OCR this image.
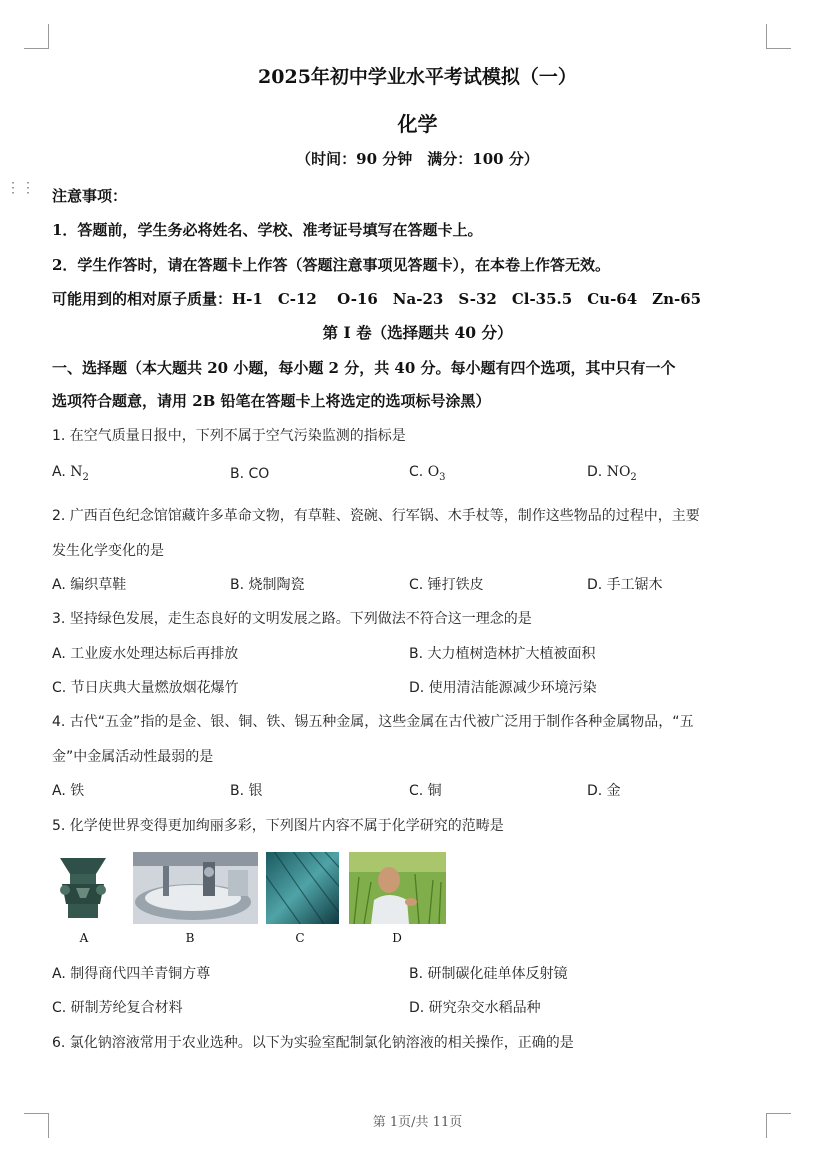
⋮⋮
2025年初中学业水平考试模拟（一）
化学
（时间：90 分钟　满分：100 分）
注意事项：
1．答题前，学生务必将姓名、学校、准考证号填写在答题卡上。
2．学生作答时，请在答题卡上作答（答题注意事项见答题卡），在本卷上作答无效。
可能用到的相对原子质量：H-1　C-12　 O-16　Na-23　S-32　Cl-35.5　Cu-64　Zn-65
第 I 卷（选择题共 40 分）
一、选择题（本大题共 20 小题，每小题 2 分，共 40 分。每小题有四个选项，其中只有一个
选项符合题意，请用 2B 铅笔在答题卡上将选定的选项标号涂黑）
1. 在空气质量日报中，下列不属于空气污染监测的指标是
A. $N_2$	B. CO	C. $O_3$	D. $NO_2$
2. 广西百色纪念馆馆藏许多革命文物，有草鞋、瓷碗、行军锅、木手杖等，制作这些物品的过程中，主要
发生化学变化的是
A. 编织草鞋	B. 烧制陶瓷	C. 锤打铁皮	D. 手工锯木
3. 坚持绿色发展，走生态良好的文明发展之路。下列做法不符合这一理念的是
A. 工业废水处理达标后再排放	B. 大力植树造林扩大植被面积
C. 节日庆典大量燃放烟花爆竹	D. 使用清洁能源减少环境污染
4. 古代“五金”指的是金、银、铜、铁、锡五种金属，这些金属在古代被广泛用于制作各种金属物品，“五
金”中金属活动性最弱的是
A. 铁	B. 银	C. 铜	D. 金
5. 化学使世界变得更加绚丽多彩，下列图片内容不属于化学研究的范畴是
A	B	C	D
A. 制得商代四羊青铜方尊	B. 研制碳化硅单体反射镜
C. 研制芳纶复合材料	D. 研究杂交水稻品种
6. 氯化钠溶液常用于农业选种。以下为实验室配制氯化钠溶液的相关操作，正确的是
第 1页/共 11页
